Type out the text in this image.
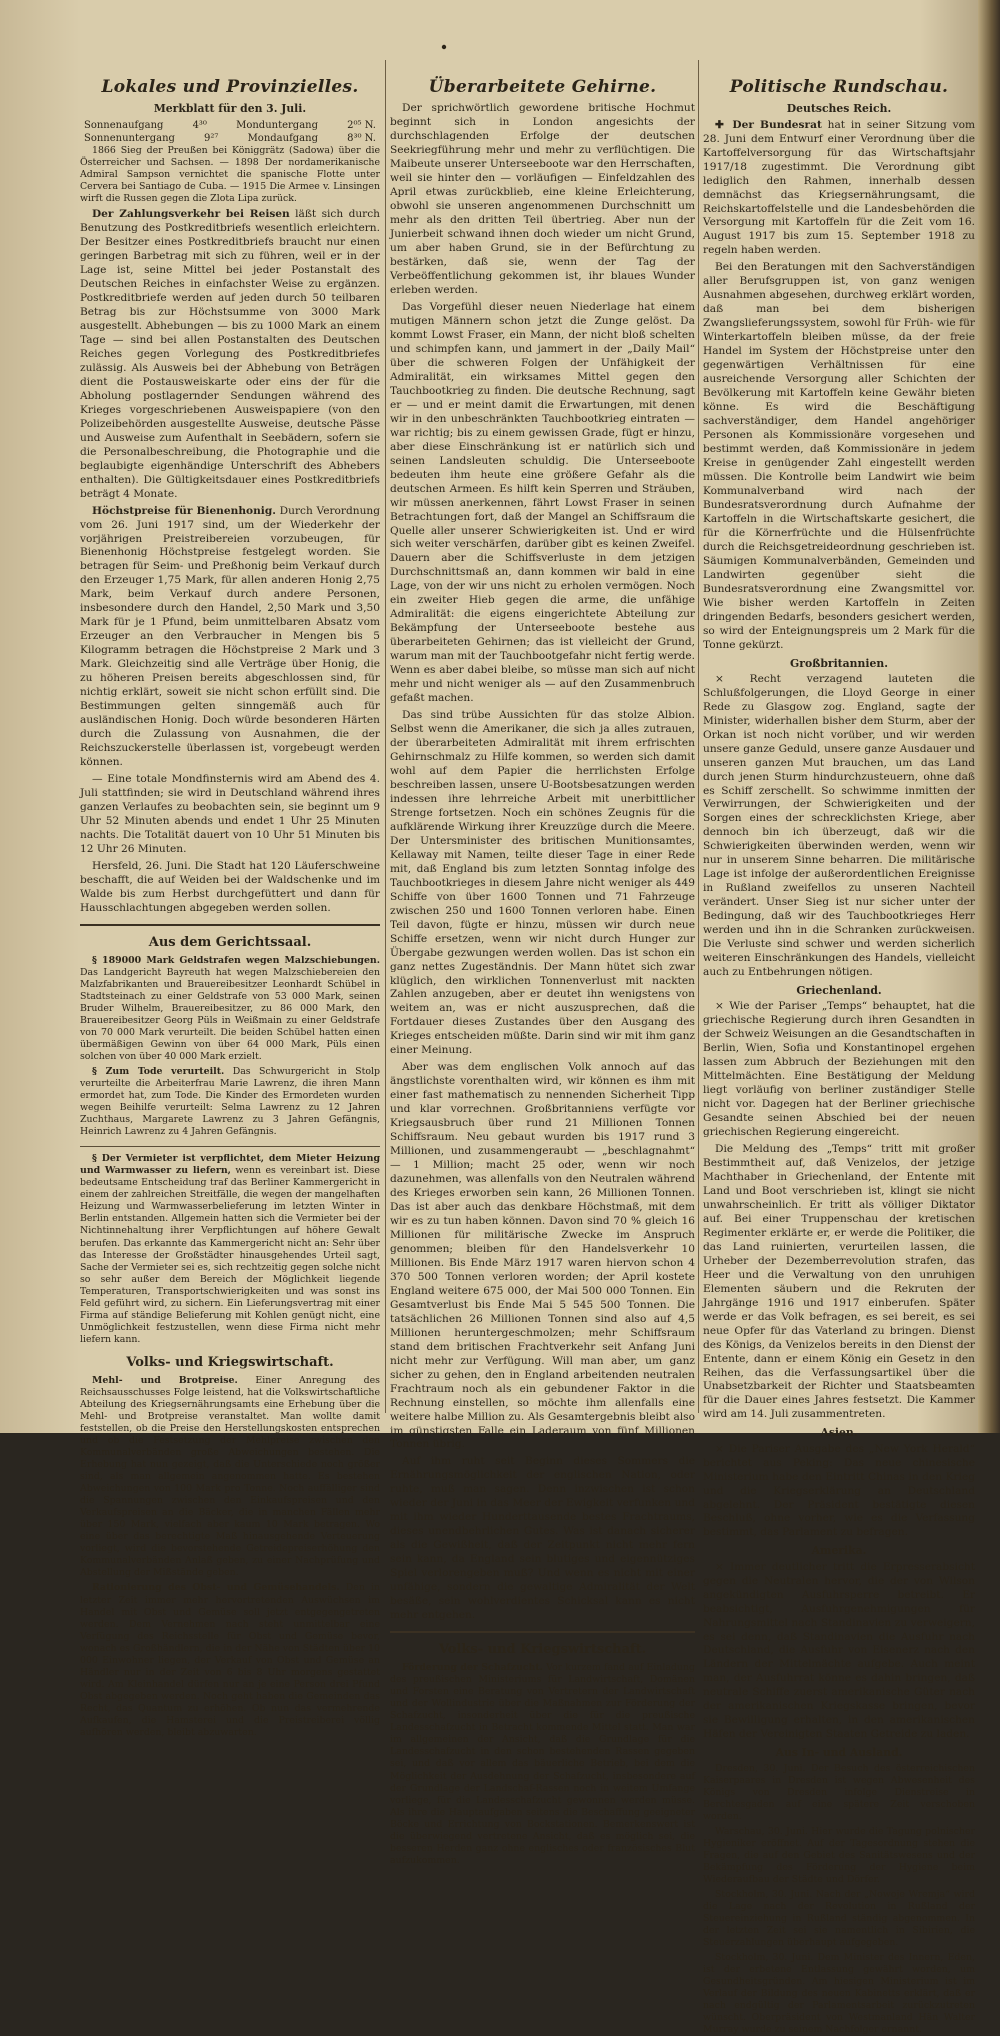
Lokales und Provinzielles.
Merkblatt für den 3. Juli.
Sonnenaufgang	4³⁰	Monduntergang	2⁰⁵ N.
Sonnenuntergang	9²⁷	Mondaufgang	8³⁰ N.

1866 Sieg der Preußen bei Königgrätz (Sadowa) über die Österreicher und Sachsen. — 1898 Der nordamerikanische Admiral Sampson vernichtet die spanische Flotte unter Cervera bei Santiago de Cuba. — 1915 Die Armee v. Linsingen wirft die Russen gegen die Zlota Lipa zurück.

Der Zahlungsverkehr bei Reisen läßt sich durch Benutzung des Postkreditbriefs wesentlich erleichtern. Der Besitzer eines Postkreditbriefs braucht nur einen geringen Barbetrag mit sich zu führen, weil er in der Lage ist, seine Mittel bei jeder Postanstalt des Deutschen Reiches in einfachster Weise zu ergänzen. Postkreditbriefe werden auf jeden durch 50 teilbaren Betrag bis zur Höchstsumme von 3000 Mark ausgestellt. Abhebungen — bis zu 1000 Mark an einem Tage — sind bei allen Postanstalten des Deutschen Reiches gegen Vorlegung des Postkreditbriefes zulässig. Als Ausweis bei der Abhebung von Beträgen dient die Postausweiskarte oder eins der für die Abholung postlagernder Sendungen während des Krieges vorgeschriebenen Ausweispapiere (von den Polizeibehörden ausgestellte Ausweise, deutsche Pässe und Ausweise zum Aufenthalt in Seebädern, sofern sie die Personalbeschreibung, die Photographie und die beglaubigte eigenhändige Unterschrift des Abhebers enthalten). Die Gültigkeitsdauer eines Postkreditbriefs beträgt 4 Monate.

Höchstpreise für Bienenhonig. Durch Verordnung vom 26. Juni 1917 sind, um der Wiederkehr der vorjährigen Preistreibereien vorzubeugen, für Bienenhonig Höchstpreise festgelegt worden. Sie betragen für Seim- und Preßhonig beim Verkauf durch den Erzeuger 1,75 Mark, für allen anderen Honig 2,75 Mark, beim Verkauf durch andere Personen, insbesondere durch den Handel, 2,50 Mark und 3,50 Mark für je 1 Pfund, beim unmittelbaren Absatz vom Erzeuger an den Verbraucher in Mengen bis 5 Kilogramm betragen die Höchstpreise 2 Mark und 3 Mark. Gleichzeitig sind alle Verträge über Honig, die zu höheren Preisen bereits abgeschlossen sind, für nichtig erklärt, soweit sie nicht schon erfüllt sind. Die Bestimmungen gelten sinngemäß auch für ausländischen Honig. Doch würde besonderen Härten durch die Zulassung von Ausnahmen, die der Reichszuckerstelle überlassen ist, vorgebeugt werden können.

— Eine totale Mondfinsternis wird am Abend des 4. Juli stattfinden; sie wird in Deutschland während ihres ganzen Verlaufes zu beobachten sein, sie beginnt um 9 Uhr 52 Minuten abends und endet 1 Uhr 25 Minuten nachts. Die Totalität dauert von 10 Uhr 51 Minuten bis 12 Uhr 26 Minuten.

Hersfeld, 26. Juni. Die Stadt hat 120 Läuferschweine beschafft, die auf Weiden bei der Waldschenke und im Walde bis zum Herbst durchgefüttert und dann für Hausschlachtungen abgegeben werden sollen.

Aus dem Gerichtssaal.

§ 189000 Mark Geldstrafen wegen Malzschiebungen. Das Landgericht Bayreuth hat wegen Malzschiebereien den Malzfabrikanten und Brauereibesitzer Leonhardt Schübel in Stadtsteinach zu einer Geldstrafe von 53 000 Mark, seinen Bruder Wilhelm, Brauereibesitzer, zu 86 000 Mark, den Brauereibesitzer Georg Püls in Weißmain zu einer Geldstrafe von 70 000 Mark verurteilt. Die beiden Schübel hatten einen übermäßigen Gewinn von über 64 000 Mark, Püls einen solchen von über 40 000 Mark erzielt.

§ Zum Tode verurteilt. Das Schwurgericht in Stolp verurteilte die Arbeiterfrau Marie Lawrenz, die ihren Mann ermordet hat, zum Tode. Die Kinder des Ermordeten wurden wegen Beihilfe verurteilt: Selma Lawrenz zu 12 Jahren Zuchthaus, Margarete Lawrenz zu 3 Jahren Gefängnis, Heinrich Lawrenz zu 4 Jahren Gefängnis.

§ Der Vermieter ist verpflichtet, dem Mieter Heizung und Warmwasser zu liefern, wenn es vereinbart ist. Diese bedeutsame Entscheidung traf das Berliner Kammergericht in einem der zahlreichen Streitfälle, die wegen der mangelhaften Heizung und Warmwasserbelieferung im letzten Winter in Berlin entstanden. Allgemein hatten sich die Vermieter bei der Nichtinnehaltung ihrer Verpflichtungen auf höhere Gewalt berufen. Das erkannte das Kammergericht nicht an: Sehr über das Interesse der Großstädter hinausgehendes Urteil sagt, Sache der Vermieter sei es, sich rechtzeitig gegen solche nicht so sehr außer dem Bereich der Möglichkeit liegende Temperaturen, Transportschwierigkeiten und was sonst ins Feld geführt wird, zu sichern. Ein Lieferungsvertrag mit einer Firma auf ständige Belieferung mit Kohlen genügt nicht, eine Unmöglichkeit festzustellen, wenn diese Firma nicht mehr liefern kann.

Volks- und Kriegswirtschaft.

Mehl- und Brotpreise. Einer Anregung des Reichsausschusses Folge leistend, hat die Volkswirtschaftliche Abteilung des Kriegsernährungsamts eine Erhebung über die Mehl- und Brotpreise veranstaltet. Man wollte damit feststellen, ob die Preise den Herstellungskosten entsprechen und ob die Festsetzung der Mehlpreise zwischen den Kommunalverbänden große Abweichungen bestehen. Die Erhebung hat nun gezeigt, daß die Unterschiede noch größer sind, als man allgemein angenommen hatte. Es bestehen Abweichungen von 100 Mark pro Tonne. Noch auffälliger sind die Spannungen zwischen den Einkaufspreisen und den Verkaufspreisen an die Bäcker, die in manchen Fällen mehr über 150 Mark, vielfach aber kaum 10 Mark betragen. Wo eine über das berechtigte Maß hinausgehende Verteuerung vorliegt, wird die bevorstehende Getreidepreiserhöhung den Kommunalverbänden Anlaß geben, zu einer Nachprüfung und Abstellung der Mißstände geben.

Rationierung des Obst- und Gemüsehandels. Den in letzter Zeit immer mehr hervortretenden Auswüchsen im Handel mit Obst und Gemüse soll jetzt entgegengetreten werden. Dem Vernehmen nach steht unmittelbar eine Verfügung des Reichsstelle für Obst und Gemüse bevor, wonach es Großhändlern, die in der Nähe von Städten über 10 000 Einwohner liegen, der Verkauf von Obst und Gemüse an Händler nur in der Zeit von 6 bis 8 Uhr morgens gestattet wird. Am Kleinhandel dürfen nur an je eine Person drei Pfund Obst abgegeben werden. Noch geht haben die Gemeinden das Recht, das Quantum zu erhöhen. Ob nun das vermehrende Aufkaufen, die Hamsterei und die Preistreiberei völlig aufhören werden, bleibt abzuwarten.

Überarbeitete Gehirne.

Der sprichwörtlich gewordene britische Hochmut beginnt sich in London angesichts der durchschlagenden Erfolge der deutschen Seekriegführung mehr und mehr zu verflüchtigen. Die Maibeute unserer Unterseeboote war den Herrschaften, weil sie hinter den — vorläufigen — Einfeldzahlen des April etwas zurückblieb, eine kleine Erleichterung, obwohl sie unseren angenommenen Durchschnitt um mehr als den dritten Teil übertrieg. Aber nun der Junierbeit schwand ihnen doch wieder um nicht Grund, um aber haben Grund, sie in der Befürchtung zu bestärken, daß sie, wenn der Tag der Verbeöffentlichung gekommen ist, ihr blaues Wunder erleben werden.

Das Vorgefühl dieser neuen Niederlage hat einem mutigen Männern schon jetzt die Zunge gelöst. Da kommt Lowst Fraser, ein Mann, der nicht bloß schelten und schimpfen kann, und jammert in der „Daily Mail“ über die schweren Folgen der Unfähigkeit der Admiralität, ein wirksames Mittel gegen den Tauchbootkrieg zu finden. Die deutsche Rechnung, sagt er — und er meint damit die Erwartungen, mit denen wir in den unbeschränkten Tauchbootkrieg eintraten — war richtig; bis zu einem gewissen Grade, fügt er hinzu, aber diese Einschränkung ist er natürlich sich und seinen Landsleuten schuldig. Die Unterseeboote bedeuten ihm heute eine größere Gefahr als die deutschen Armeen. Es hilft kein Sperren und Sträuben, wir müssen anerkennen, fährt Lowst Fraser in seinen Betrachtungen fort, daß der Mangel an Schiffsraum die Quelle aller unserer Schwierigkeiten ist. Und er wird sich weiter verschärfen, darüber gibt es keinen Zweifel. Dauern aber die Schiffsverluste in dem jetzigen Durchschnittsmaß an, dann kommen wir bald in eine Lage, von der wir uns nicht zu erholen vermögen. Noch ein zweiter Hieb gegen die arme, die unfähige Admiralität: die eigens eingerichtete Abteilung zur Bekämpfung der Unterseeboote bestehe aus überarbeiteten Gehirnen; das ist vielleicht der Grund, warum man mit der Tauchbootgefahr nicht fertig werde. Wenn es aber dabei bleibe, so müsse man sich auf nicht mehr und nicht weniger als — auf den Zusammenbruch gefaßt machen.

Das sind trübe Aussichten für das stolze Albion. Selbst wenn die Amerikaner, die sich ja alles zutrauen, der überarbeiteten Admiralität mit ihrem erfrischten Gehirnschmalz zu Hilfe kommen, so werden sich damit wohl auf dem Papier die herrlichsten Erfolge beschreiben lassen, unsere U-Bootsbesatzungen werden indessen ihre lehrreiche Arbeit mit unerbittlicher Strenge fortsetzen. Noch ein schönes Zeugnis für die aufklärende Wirkung ihrer Kreuzzüge durch die Meere. Der Untersminister des britischen Munitionsamtes, Kellaway mit Namen, teilte dieser Tage in einer Rede mit, daß England bis zum letzten Sonntag infolge des Tauchbootkrieges in diesem Jahre nicht weniger als 449 Schiffe von über 1600 Tonnen und 71 Fahrzeuge zwischen 250 und 1600 Tonnen verloren habe. Einen Teil davon, fügte er hinzu, müssen wir durch neue Schiffe ersetzen, wenn wir nicht durch Hunger zur Übergabe gezwungen werden wollen. Das ist schon ein ganz nettes Zugeständnis. Der Mann hütet sich zwar klüglich, den wirklichen Tonnenverlust mit nackten Zahlen anzugeben, aber er deutet ihn wenigstens von weitem an, was er nicht auszusprechen, daß die Fortdauer dieses Zustandes über den Ausgang des Krieges entscheiden müßte. Darin sind wir mit ihm ganz einer Meinung.

Aber was dem englischen Volk annoch auf das ängstlichste vorenthalten wird, wir können es ihm mit einer fast mathematisch zu nennenden Sicherheit Tipp und klar vorrechnen. Großbritanniens verfügte vor Kriegsausbruch über rund 21 Millionen Tonnen Schiffsraum. Neu gebaut wurden bis 1917 rund 3 Millionen, und zusammengeraubt — „beschlagnahmt“ — 1 Million; macht 25 oder, wenn wir noch dazunehmen, was allenfalls von den Neutralen während des Krieges erworben sein kann, 26 Millionen Tonnen. Das ist aber auch das denkbare Höchstmaß, mit dem wir es zu tun haben können. Davon sind 70 % gleich 16 Millionen für militärische Zwecke im Anspruch genommen; bleiben für den Handelsverkehr 10 Millionen. Bis Ende März 1917 waren hiervon schon 4 370 500 Tonnen verloren worden; der April kostete England weitere 675 000, der Mai 500 000 Tonnen. Ein Gesamtverlust bis Ende Mai 5 545 500 Tonnen. Die tatsächlichen 26 Millionen Tonnen sind also auf 4,5 Millionen heruntergeschmolzen; mehr Schiffsraum stand dem britischen Frachtverkehr seit Anfang Juni nicht mehr zur Verfügung. Will man aber, um ganz sicher zu gehen, den in England arbeitenden neutralen Frachtraum noch als ein gebundener Faktor in die Rechnung einstellen, so möchte ihm allenfalls eine weitere halbe Million zu. Als Gesamtergebnis bleibt also im günstigsten Falle ein Laderaum von fünf Millionen Tonnen übrig.

Auf ihm ruht seit Beginn dieses Sommers die Ernährungsmöglichkeit der englischen Nation, oder ruhte, muß man sagen. Denn inzwischen ist schon wieder der Juni in das Meer der Ewigkeit verfunken und mit ihm wieder Hunderttausende bestes Frachtraums, dieses unendbehrlichen Gutes. Was ist danach sicherer als die Gewißheit, daß der Zeitpunkt nicht mehr fern sein kann, da England sein blutiges und eigennütziges Spiel verlorengeben muß? Und wenn es nicht mit einer unfähige, sondern die gewaltige Admiralität der Welt besäße, sein wohlverdientes Schicksal kann es nicht mehr entgehen.

Volks- und Kriegswirtschaft.

Förderung der Schafzucht. Vor kurzem fand auf Einladung des preußischen Ministeriums für Landwirtschaft, Domänen und Forsten eine Beratung von Vertretern der Landwirtschaft und der Wollindustrie über die Maßnahmen zur Förderung der Schafzucht, insonderheit über die für die preußische Landesschafzucht in Betracht kommende Mittel statt. Man war im allgemeinen der Ansicht, daß die Grundlage für die Landesschafzucht in den schon bestehenden Rassen gegeben sei, und daß vor allem das bäuerliche Betrieb, bei dem die Möglichkeit der Ausdehnung der Schafzucht, insbesondere auf der Grundlage der Landschaf-Rassen noch in weitem Umfange vorliege, für die Landesschafzucht gewonnen werden müsse. Als ihre die Hauptaufgaben seitens die Beschaffung geeigneter Böcke und Errichtung von Bockstationen. Bemerkenswert ist die überwiegend vertretene Ansicht, daß es möglich sei, die besseren Herden ganz ohne englisches oder französisches Blut aufzukommen.

Politische Rundschau.
Deutsches Reich.

✚ Der Bundesrat hat in seiner Sitzung vom 28. Juni dem Entwurf einer Verordnung über die Kartoffelversorgung für das Wirtschaftsjahr 1917/18 zugestimmt. Die Verordnung gibt lediglich den Rahmen, innerhalb dessen demnächst das Kriegsernährungsamt, die Reichskartoffelstelle und die Landesbehörden die Versorgung mit Kartoffeln für die Zeit vom 16. August 1917 bis zum 15. September 1918 zu regeln haben werden.

Bei den Beratungen mit den Sachverständigen aller Berufsgruppen ist, von ganz wenigen Ausnahmen abgesehen, durchweg erklärt worden, daß man bei dem bisherigen Zwangslieferungssystem, sowohl für Früh- wie für Winterkartoffeln bleiben müsse, da der freie Handel im System der Höchstpreise unter den gegenwärtigen Verhältnissen für eine ausreichende Versorgung aller Schichten der Bevölkerung mit Kartoffeln keine Gewähr bieten könne. Es wird die Beschäftigung sachverständiger, dem Handel angehöriger Personen als Kommissionäre vorgesehen und bestimmt werden, daß Kommissionäre in jedem Kreise in genügender Zahl eingestellt werden müssen. Die Kontrolle beim Landwirt wie beim Kommunalverband wird nach der Bundesratsverordnung durch Aufnahme der Kartoffeln in die Wirtschaftskarte gesichert, die für die Körnerfrüchte und die Hülsenfrüchte durch die Reichsgetreideordnung geschrieben ist. Säumigen Kommunalverbänden, Gemeinden und Landwirten gegenüber sieht die Bundesratsverordnung eine Zwangsmittel vor. Wie bisher werden Kartoffeln in Zeiten dringenden Bedarfs, besonders gesichert werden, so wird der Enteignungspreis um 2 Mark für die Tonne gekürzt.

Großbritannien.

× Recht verzagend lauteten die Schlußfolgerungen, die Lloyd George in einer Rede zu Glasgow zog. England, sagte der Minister, widerhallen bisher dem Sturm, aber der Orkan ist noch nicht vorüber, und wir werden unsere ganze Geduld, unsere ganze Ausdauer und unseren ganzen Mut brauchen, um das Land durch jenen Sturm hindurchzusteuern, ohne daß es Schiff zerschellt. So schwimme inmitten der Verwirrungen, der Schwierigkeiten und der Sorgen eines der schrecklichsten Kriege, aber dennoch bin ich überzeugt, daß wir die Schwierigkeiten überwinden werden, wenn wir nur in unserem Sinne beharren. Die militärische Lage ist infolge der außerordentlichen Ereignisse in Rußland zweifellos zu unseren Nachteil verändert. Unser Sieg ist nur sicher unter der Bedingung, daß wir des Tauchbootkrieges Herr werden und ihn in die Schranken zurückweisen. Die Verluste sind schwer und werden sicherlich weiteren Einschränkungen des Handels, vielleicht auch zu Entbehrungen nötigen.

Griechenland.

× Wie der Pariser „Temps“ behauptet, hat die griechische Regierung durch ihren Gesandten in der Schweiz Weisungen an die Gesandtschaften in Berlin, Wien, Sofia und Konstantinopel ergehen lassen zum Abbruch der Beziehungen mit den Mittelmächten. Eine Bestätigung der Meldung liegt vorläufig von berliner zuständiger Stelle nicht vor. Dagegen hat der Berliner griechische Gesandte seinen Abschied bei der neuen griechischen Regierung eingereicht.

Die Meldung des „Temps“ tritt mit großer Bestimmtheit auf, daß Venizelos, der jetzige Machthaber in Griechenland, der Entente mit Land und Boot verschrieben ist, klingt sie nicht unwahrscheinlich. Er tritt als völliger Diktator auf. Bei einer Truppenschau der kretischen Regimenter erklärte er, er werde die Politiker, die das Land ruinierten, verurteilen lassen, die Urheber der Dezemberrevolution strafen, das Heer und die Verwaltung von den unruhigen Elementen säubern und die Rekruten der Jahrgänge 1916 und 1917 einberufen. Später werde er das Volk befragen, es sei bereit, es sei neue Opfer für das Vaterland zu bringen. Dienst des Königs, da Venizelos bereits in den Dienst der Entente, dann er einem König ein Gesetz in den Reihen, das die Verfassungsartikel über die Unabsetzbarkeit der Richter und Staatsbeamten für die Dauer eines Jahres festsetzt. Die Kammer wird am 14. Juli zusammentreten.

Asien.

× Die Pariser Ausgabe des „New York Herald“ berichtet aus Peking: Das neue chinesische Ministerium habe den Eintritt Chinas in den Krieg und die Kriegserklärung an Deutschland abgelehnt. Der Präsident bestätigte diesen Beschluß, ohne vorher, wie es die Verfassung bestimmt, das Parlament zu befragen.

Amerika.

× Immer deutlicher tritt die Erpresserabsicht gegen die Neutralen hervor, die der von Wilson angekündigten Ausfuhrsperre betreibt. Er beabsichtigt, Ausfuhrgenehmigungen für Nahrungsmittel nach Standinavien zu verweigern, es sei denn, daß Standinavien die Ausfuhr nach Deutschland, die Ausfuhr von Eisenerz nach den Ländern der Mittelmächte aufgebe. Auch meint man, der Ausfuhrrat könne es dahin bringen, daß neutrale Schiffe zuerst amerikanische Güter nach der amerikanischen Kriegskasse bringen, bevor sie Bewilligung erhalten, in den amerikanischen Häfen der Vereinigten Staaten Getreide zu laden.

Aus In- und Ausland.

Dresden, 30. Juni. Der Besuch des österreichischen Kaiserpaares in Dresden ist wegen Abwesenheit des Königs von Dresden infolge Dienstreise in Berchtesgaden auf eine spätere Zeit verschoben worden.

Warschau, 30. Juni. Hier wurde die Tagung polnischer Hygieniker eröffnet. Auf der Tagesordnung stehen die Fragen, die auf den Gebiet des Sanitätswesens und der Bekämpfung des Förderung der Hygiene beim Wiederaufbau der Städte und Dörfer.

Stockholm, 30. Juni. Nach der „Nowoje Wremja“ wird die Lage nach der Revolution in Rußland der Steuereinziehung in Rußland ständig abgenommen. In der letzten Zeit sei sie namentlich in Sibirien, die Steuerzahlungen überhaupt aufgegeben.

Stockholm, 30. Juni. Dem Minister des Innern, Eden, ist der erbetene Entlassung gewährt worden, um Gesundheitsgründen. Am hiesigen Ministerium ist im Verlauf der Bildung des neuen Kabinetts erklärt, daß er nach endgültig der Parlamentsarbeit zurückzutreten wünscht. Oberpräsident von Westmanland Hän Walter Murray wurde zu seinem Nachfolger ernannt.
